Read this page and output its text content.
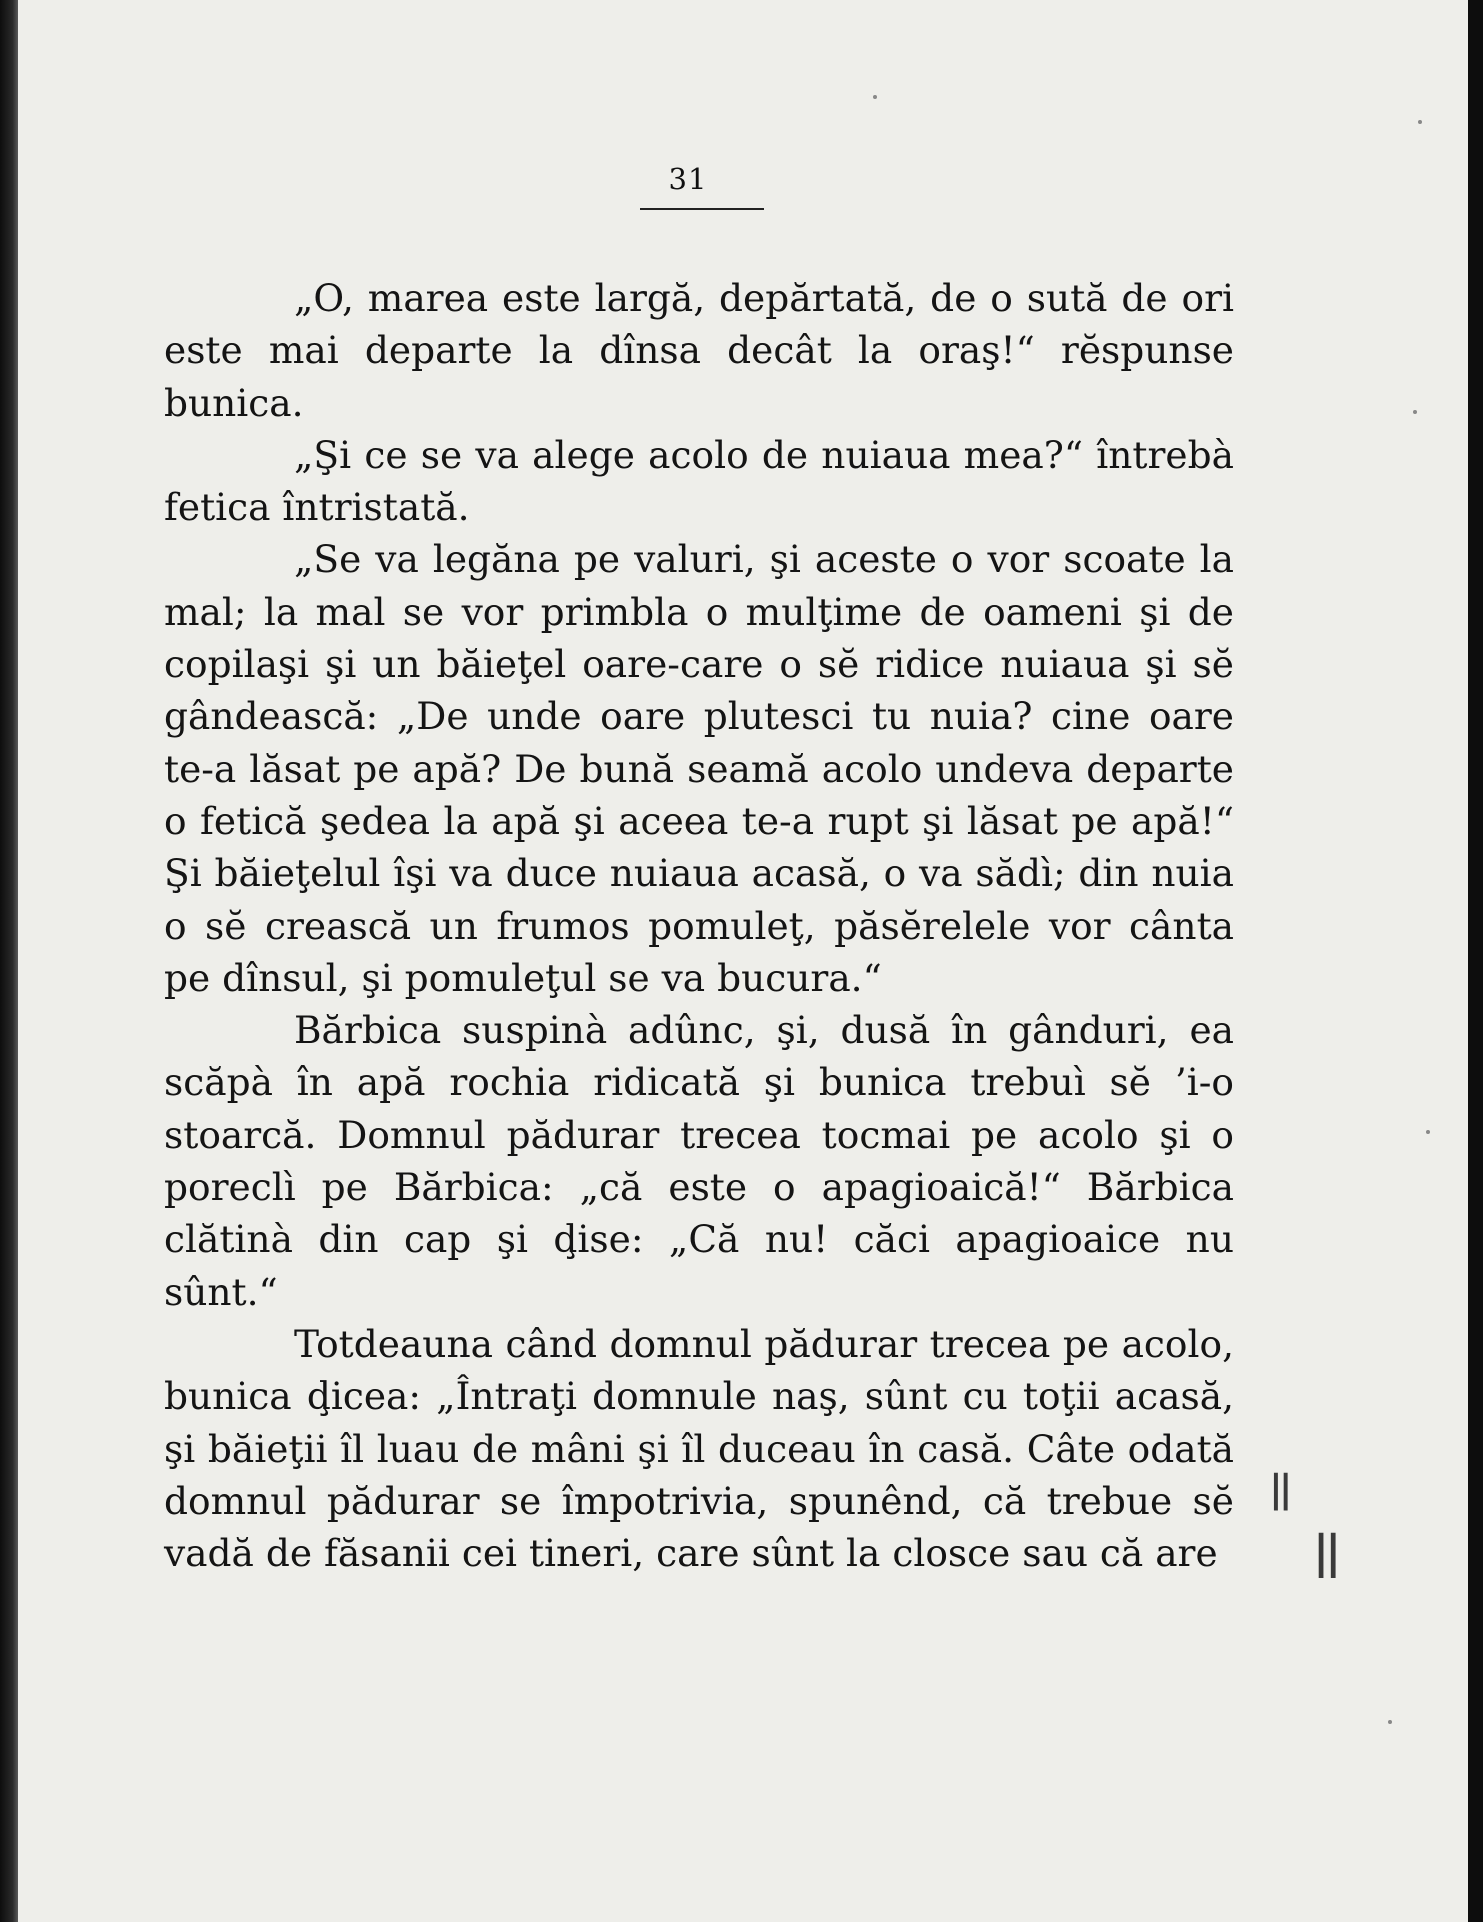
31

„O, marea este largă, depărtată, de o sută de ori este mai departe la dînsa decât la oraş!“ rĕspunse bunica.

„Şi ce se va alege acolo de nuiaua mea?“ întrebà fetica întristată.

„Se va legăna pe valuri, şi aceste o vor scoate la mal; la mal se vor primbla o mulţime de oameni şi de copilaşi şi un băieţel oare-care o sĕ ridice nuiaua şi sĕ gândească: „De unde oare plutesci tu nuia? cine oare te-a lăsat pe apă? De bună seamă acolo undeva departe o fetică şedea la apă şi aceea te-a rupt şi lăsat pe apă!“ Şi băieţelul îşi va duce nuiaua acasă, o va sădì; din nuia o sĕ crească un frumos pomuleţ, păsĕrelele vor cânta pe dînsul, şi pomuleţul se va bucura.“

Bărbica suspinà adûnc, şi, dusă în gânduri, ea scăpà în apă rochia ridicată şi bunica trebuì sĕ ’i-o stoarcă. Domnul pădurar trecea tocmai pe acolo şi o poreclì pe Bărbica: „că este o apagioaică!“ Bărbica clătinà din cap şi ḑise: „Că nu! căci apagioaice nu sûnt.“

Totdeauna când domnul pădurar trecea pe acolo, bunica ḑicea: „Întraţi domnule naş, sûnt cu toţii acasă, şi băieţii îl luau de mâni şi îl duceau în casă. Câte odată domnul pădurar se împotrivia, spunênd, că trebue sĕ vadă de făsanii cei tineri, care sûnt la closce sau că are

ǀǀ
ǀǀ
